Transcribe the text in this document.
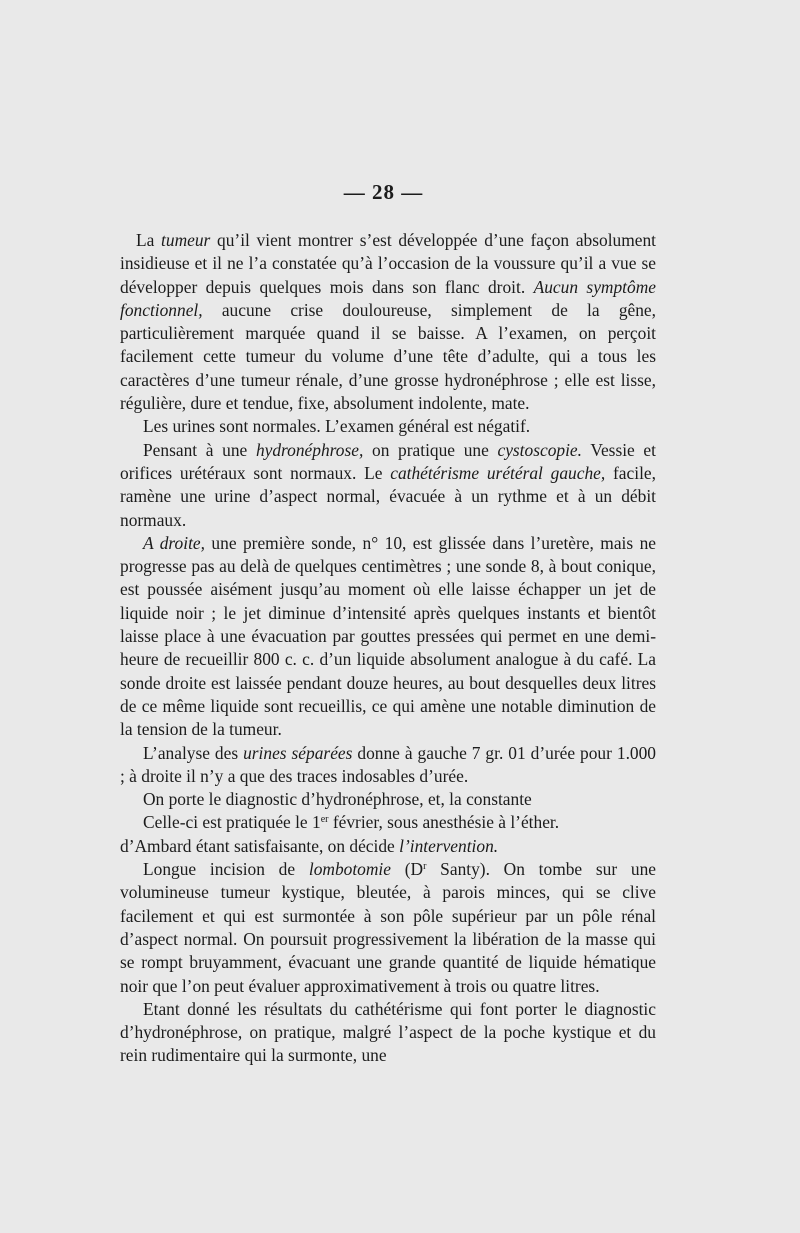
— 28 —

La tumeur qu’il vient montrer s’est développée d’une façon absolument insidieuse et il ne l’a constatée qu’à l’occasion de la voussure qu’il a vue se développer depuis quelques mois dans son flanc droit. Aucun symptôme fonctionnel, aucune crise douloureuse, simplement de la gêne, particulièrement marquée quand il se baisse. A l’examen, on perçoit facilement cette tumeur du volume d’une tête d’adulte, qui a tous les caractères d’une tumeur rénale, d’une grosse hydronéphrose ; elle est lisse, régulière, dure et tendue, fixe, absolument indolente, mate.

Les urines sont normales. L’examen général est négatif.

Pensant à une hydronéphrose, on pratique une cystoscopie. Vessie et orifices urétéraux sont normaux. Le cathétérisme urétéral gauche, facile, ramène une urine d’aspect normal, évacuée à un rythme et à un débit normaux.

A droite, une première sonde, n° 10, est glissée dans l’uretère, mais ne progresse pas au delà de quelques centimètres ; une sonde 8, à bout conique, est poussée aisément jusqu’au moment où elle laisse échapper un jet de liquide noir ; le jet diminue d’intensité après quelques instants et bientôt laisse place à une évacuation par gouttes pressées qui permet en une demi-heure de recueillir 800 c. c. d’un liquide absolument analogue à du café. La sonde droite est laissée pendant douze heures, au bout desquelles deux litres de ce même liquide sont recueillis, ce qui amène une notable diminution de la tension de la tumeur.

L’analyse des urines séparées donne à gauche 7 gr. 01 d’urée pour 1.000 ; à droite il n’y a que des traces indosables d’urée.

On porte le diagnostic d’hydronéphrose, et, la constante

Celle-ci est pratiquée le 1er février, sous anesthésie à l’éther.

d’Ambard étant satisfaisante, on décide l’intervention.

Longue incision de lombotomie ($D^r$ Santy). On tombe sur une volumineuse tumeur kystique, bleutée, à parois minces, qui se clive facilement et qui est surmontée à son pôle supérieur par un pôle rénal d’aspect normal. On poursuit progressivement la libération de la masse qui se rompt bruyamment, évacuant une grande quantité de liquide hématique noir que l’on peut évaluer approximativement à trois ou quatre litres.

Etant donné les résultats du cathétérisme qui font porter le diagnostic d’hydronéphrose, on pratique, malgré l’aspect de la poche kystique et du rein rudimentaire qui la surmonte, une
